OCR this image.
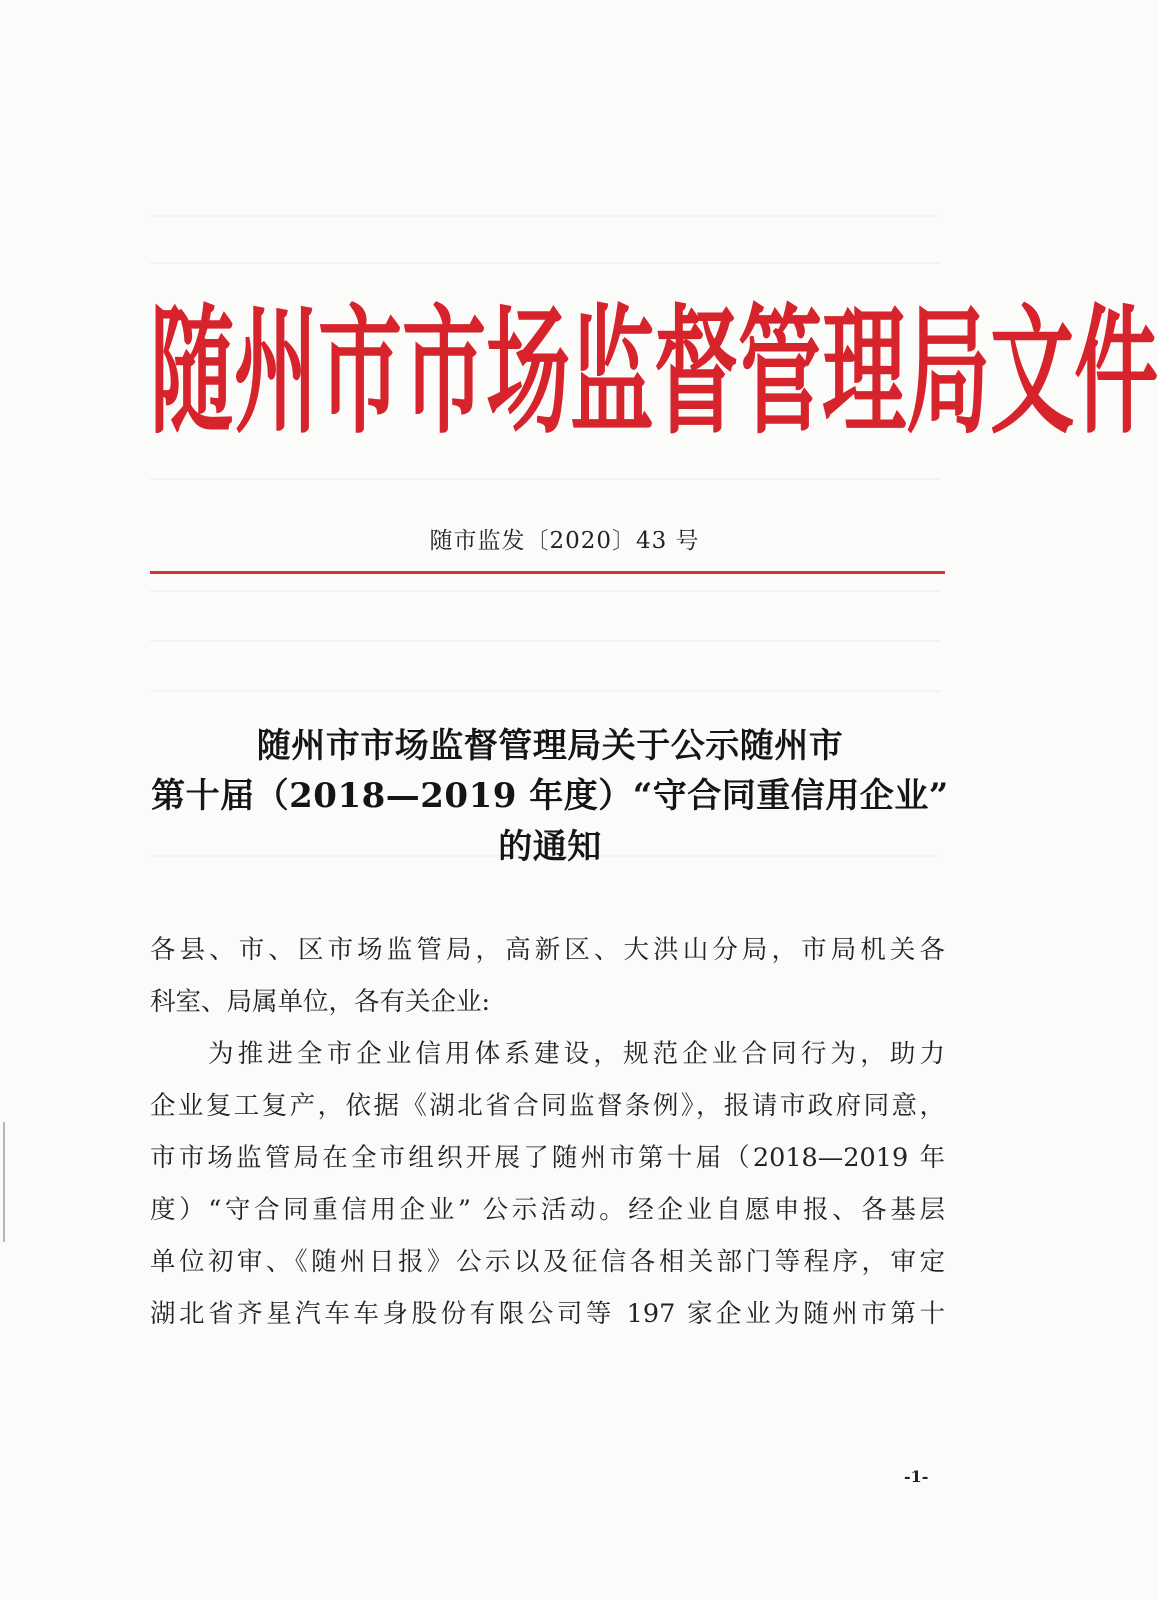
随 州 市 市 场 监 督 管 理 局 文 件
随市监发〔2020〕43 号
随州市市场监督管理局关于公示随州市
第十届（2018—2019 年度）“守合同重信用企业”
的通知
各县、市、区市场监管局，高新区、大洪山分局，市局机关各
科室、局属单位，各有关企业:
为推进全市企业信用体系建设，规范企业合同行为，助力
企业复工复产，依据《湖北省合同监督条例》，报请市政府同意，
市市场监管局在全市组织开展了随州市第十届（2018—2019 年
度）“守合同重信用企业” 公示活动。经企业自愿申报、各基层
单位初审、《随州日报》公示以及征信各相关部门等程序，审定
湖北省齐星汽车车身股份有限公司等 197 家企业为随州市第十
-1-
